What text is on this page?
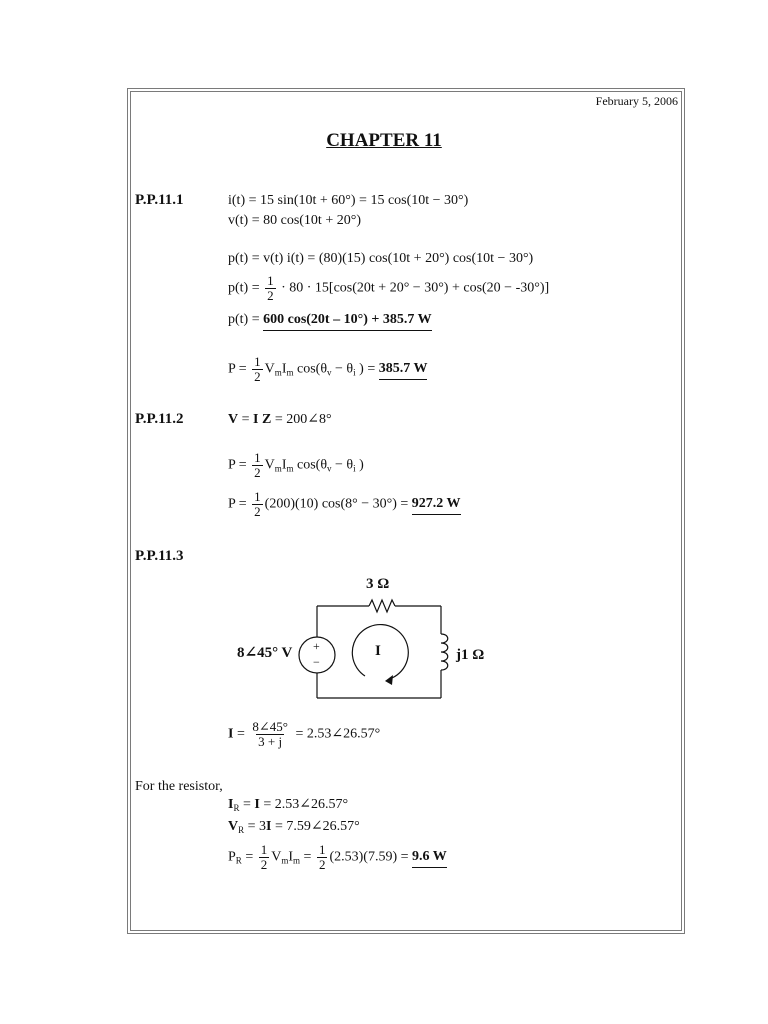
February 5, 2006
CHAPTER 11
P.P.11.1	i(t) = 15 sin(10t + 60°) = 15 cos(10t − 30°)
v(t) = 80 cos(10t + 20°)
p(t) = v(t) i(t) = (80)(15) cos(10t + 20°) cos(10t − 30°)
$p(t) = \frac{1}{2} \cdot 80 \cdot 15[\cos(20t + 20^\circ - 30^\circ) + \cos(20 - -30^\circ)]$
p(t) = 600 cos(20t – 10°) + 385.7 W
$P = \frac{1}{2} V_mI_m$ $\cos(\theta_v - \theta_i$ ) = 385.7 W
P.P.11.2	V = I Z = 200∠8°
$P = \frac{1}{2} V_mI_m$ $\cos(\theta_v - \theta_i$ )
$P = \frac{1}{2} (200)(10) \cos(8^\circ - 30^\circ) = 927.2$ W
P.P.11.3
3 Ω
8∠45° V +
−
I	j1 Ω
$I = \frac{8\angle 45^\circ}{3 + j}$ = 2.53∠26.57°
For the resistor,
$I_R = I$ = 2.53∠26.57°
$V_R = 3I$ = 7.59∠26.57°
$P_R = \frac{1}{2} V_mI_m = \frac{1}{2} (2.53)(7.59) = 9.6$ W
